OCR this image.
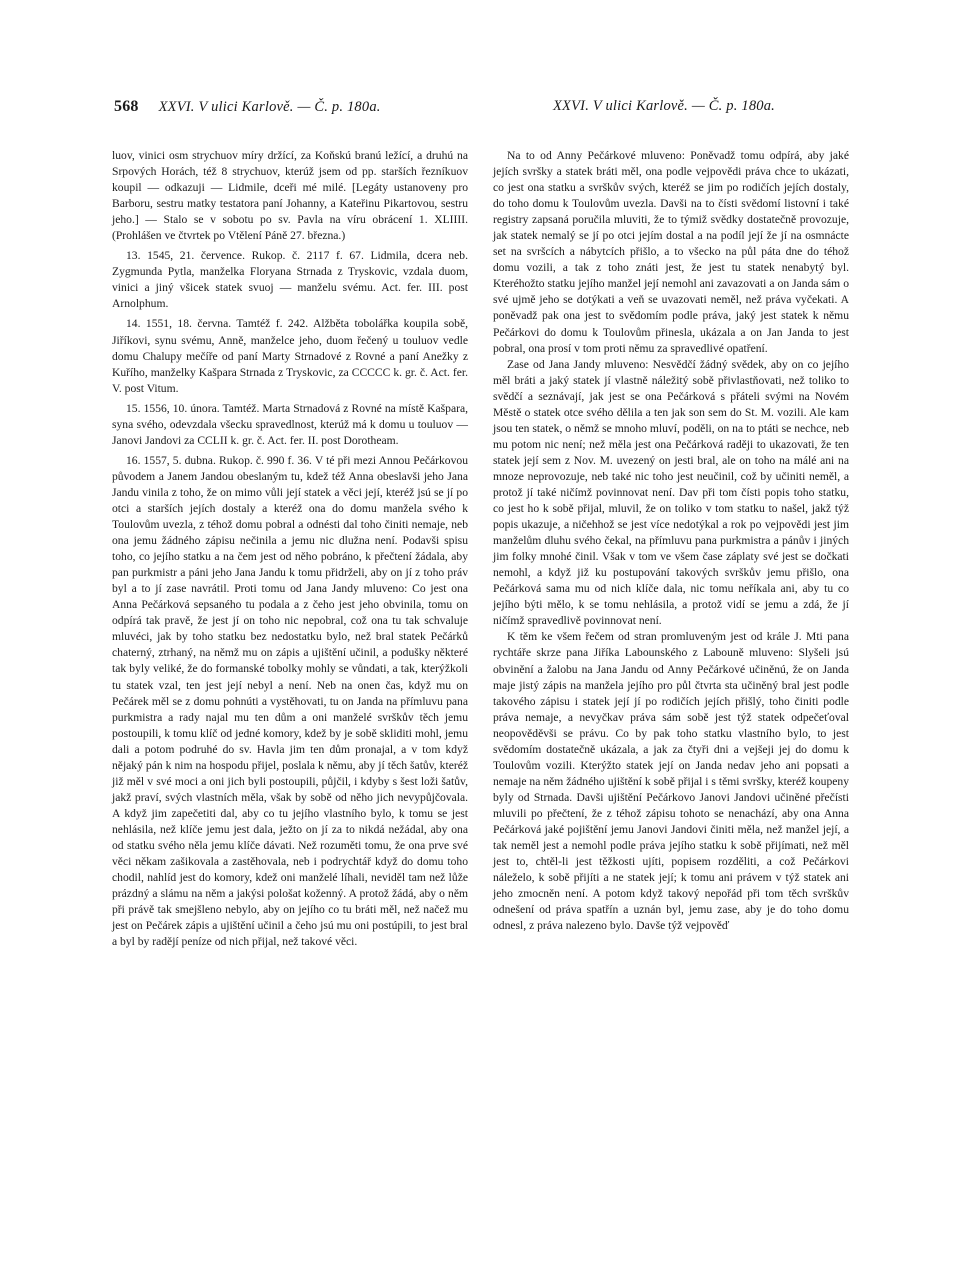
568 XXVI. V ulici Karlově. — Č. p. 180a.	XXVI. V ulici Karlově. — Č. p. 180a.

luov, vinici osm strychuov míry držící, za Koňskú branú ležící, a druhú na Srpových Horách, též 8 strychuov, kterúž jsem od pp. starších řezníkuov koupil — odkazuji — Lidmile, dceři mé milé. [Legáty ustanoveny pro Barboru, sestru matky testatora paní Johanny, a Kateřinu Pikartovou, sestru jeho.] — Stalo se v sobotu po sv. Pavla na víru obrácení 1. XLIIII. (Prohlášen ve čtvrtek po Vtělení Páně 27. března.)

13. 1545, 21. července. Rukop. č. 2117 f. 67. Lidmila, dcera neb. Zygmunda Pytla, manželka Floryana Strnada z Tryskovic, vzdala duom, vinici a jiný všicek statek svuoj — manželu svému. Act. fer. III. post Arnolphum.

14. 1551, 18. června. Tamtéž f. 242. Alžběta tobolářka koupila sobě, Jiříkovi, synu svému, Anně, manželce jeho, duom řečený u touluov vedle domu Chalupy mečíře od paní Marty Strnadové z Rovné a paní Anežky z Kuřího, manželky Kašpara Strnada z Tryskovic, za CCCCC k. gr. č. Act. fer. V. post Vitum.

15. 1556, 10. února. Tamtéž. Marta Strnadová z Rovné na místě Kašpara, syna svého, odevzdala všecku spravedlnost, kterúž má k domu u touluov — Janovi Jandovi za CCLII k. gr. č. Act. fer. II. post Dorotheam.

16. 1557, 5. dubna. Rukop. č. 990 f. 36. V té při mezi Annou Pečárkovou původem a Janem Jandou obeslaným tu, kdež též Anna obeslavši jeho Jana Jandu vinila z toho, že on mimo vůli její statek a věci její, kteréž jsú se jí po otci a starších jejích dostaly a kteréž ona do domu manžela svého k Toulovům uvezla, z téhož domu pobral a odnésti dal toho činiti nemaje, neb ona jemu žádného zápisu nečinila a jemu nic dlužna není. Podavši spisu toho, co jejího statku a na čem jest od něho pobráno, k přečtení žádala, aby pan purkmistr a páni jeho Jana Jandu k tomu přidrželi, aby on jí z toho práv byl a to jí zase navrátil. Proti tomu od Jana Jandy mluveno: Co jest ona Anna Pečárková sepsaného tu podala a z čeho jest jeho obvinila, tomu on odpírá tak pravě, že jest jí on toho nic nepobral, což ona tu tak schvaluje mluvéci, jak by toho statku bez nedostatku bylo, než bral statek Pečárků chaterný, ztrhaný, na němž mu on zápis a ujištění učinil, a podušky některé tak byly veliké, že do formanské tobolky mohly se vůndati, a tak, kterýžkoli tu statek vzal, ten jest její nebyl a není. Neb na onen čas, když mu on Pečárek měl se z domu pohnúti a vystěhovati, tu on Janda na přímluvu pana purkmistra a rady najal mu ten dům a oni manželé svrškův těch jemu postoupili, k tomu klíč od jedné komory, kdež by je sobě skliditi mohl, jemu dali a potom podruhé do sv. Havla jim ten dům pronajal, a v tom když nějaký pán k nim na hospodu přijel, poslala k němu, aby jí těch šatův, kteréž již měl v své moci a oni jich byli postoupili, půjčil, i kdyby s šest loži šatův, jakž praví, svých vlastních měla, však by sobě od něho jich nevypůjčovala. A když jim zapečetiti dal, aby co tu jejího vlastního bylo, k tomu se jest nehlásila, než klíče jemu jest dala, ježto on jí za to nikdá nežádal, aby ona od statku svého něla jemu klíče dávati. Než rozuměti tomu, že ona prve své věci někam zašikovala a zastěhovala, neb i podrychtář když do domu toho chodil, nahlíd jest do komory, kdež oni manželé líhali, neviděl tam než lůže prázdný a slámu na něm a jakýsi pološat koženný. A protož žádá, aby o něm při právě tak smejšleno nebylo, aby on jejího co tu bráti měl, než načež mu jest on Pečárek zápis a ujištění učinil a čeho jsú mu oni postúpili, to jest bral a byl by radějí peníze od nich přijal, než takové věci.

Na to od Anny Pečárkové mluveno: Poněvadž tomu odpírá, aby jaké jejích svršky a statek bráti měl, ona podle vejpovědi práva chce to ukázati, co jest ona statku a svrškův svých, kteréž se jim po rodičích jejích dostaly, do toho domu k Toulovům uvezla. Davši na to čísti svědomí listovní i také registry zapsaná poručila mluviti, že to týmiž svědky dostatečně provozuje, jak statek nemalý se jí po otci jejím dostal a na podíl její že jí na osmnácte set na svršcích a nábytcích přišlo, a to všecko na půl páta dne do téhož domu vozili, a tak z toho znáti jest, že jest tu statek nenabytý byl. Kteréhožto statku jejího manžel její nemohl ani zavazovati a on Janda sám o své ujmě jeho se dotýkati a veň se uvazovati neměl, než práva vyčekati. A poněvadž pak ona jest to svědomím podle práva, jaký jest statek k němu Pečárkovi do domu k Toulovům přinesla, ukázala a on Jan Janda to jest pobral, ona prosí v tom proti němu za spravedlivé opatření.

Zase od Jana Jandy mluveno: Nesvědčí žádný svědek, aby on co jejího měl bráti a jaký statek jí vlastně náležitý sobě přivlastňovati, než toliko to svědčí a seznávají, jak jest se ona Pečárková s přáteli svými na Novém Městě o statek otce svého dělila a ten jak son sem do St. M. vozili. Ale kam jsou ten statek, o němž se mnoho mluví, poděli, on na to ptáti se nechce, neb mu potom nic není; než měla jest ona Pečárková raději to ukazovati, že ten statek její sem z Nov. M. uvezený on jesti bral, ale on toho na málé ani na mnoze neprovozuje, neb také nic toho jest neučinil, což by učiniti neměl, a protož jí také ničímž povinnovat není. Dav při tom čísti popis toho statku, co jest ho k sobě přijal, mluvil, že on toliko v tom statku to našel, jakž týž popis ukazuje, a ničehhož se jest více nedotýkal a rok po vejpovědi jest jim manželům dluhu svého čekal, na přímluvu pana purkmistra a pánův i jiných jim folky mnohé činil. Však v tom ve všem čase záplaty své jest se dočkati nemohl, a když již ku postupování takových svrškův jemu přišlo, ona Pečárková sama mu od nich klíče dala, nic tomu neříkala ani, aby tu co jejího býti mělo, k se tomu nehlásila, a protož vidí se jemu a zdá, že jí ničímž spravedlivě povinnovat není.

K těm ke všem řečem od stran promluveným jest od krále J. Mti pana rychtáře skrze pana Jiříka Labounského z Labouně mluveno: Slyšeli jsú obvinění a žalobu na Jana Jandu od Anny Pečárkové učiněnú, že on Janda maje jistý zápis na manžela jejího pro půl čtvrta sta učiněný bral jest podle takového zápisu i statek její jí po rodičích jejích přišlý, toho činiti podle práva nemaje, a nevyčkav práva sám sobě jest týž statek odpečeťoval neopověděvši se právu. Co by pak toho statku vlastního bylo, to jest svědomím dostatečně ukázala, a jak za čtyři dni a vejšeji jej do domu k Toulovům vozili. Kterýžto statek její on Janda nedav jeho ani popsati a nemaje na něm žádného ujištění k sobě přijal i s těmi svršky, kteréž koupeny byly od Strnada. Davši ujištění Pečárkovo Janovi Jandovi učiněné přečísti mluvili po přečtení, že z téhož zápisu tohoto se nenachází, aby ona Anna Pečárková jaké pojištění jemu Janovi Jandovi činiti měla, než manžel její, a tak neměl jest a nemohl podle práva jejího statku k sobě přijímati, než měl jest to, chtěl-li jest těžkosti ujíti, popisem rozděliti, a což Pečárkovi náleželo, k sobě přijíti a ne statek její; k tomu ani právem v týž statek ani jeho zmocněn není. A potom když takový nepořád při tom těch svrškův odnešení od práva spatřín a uznán byl, jemu zase, aby je do toho domu odnesl, z práva nalezeno bylo. Davše týž vejpověď
